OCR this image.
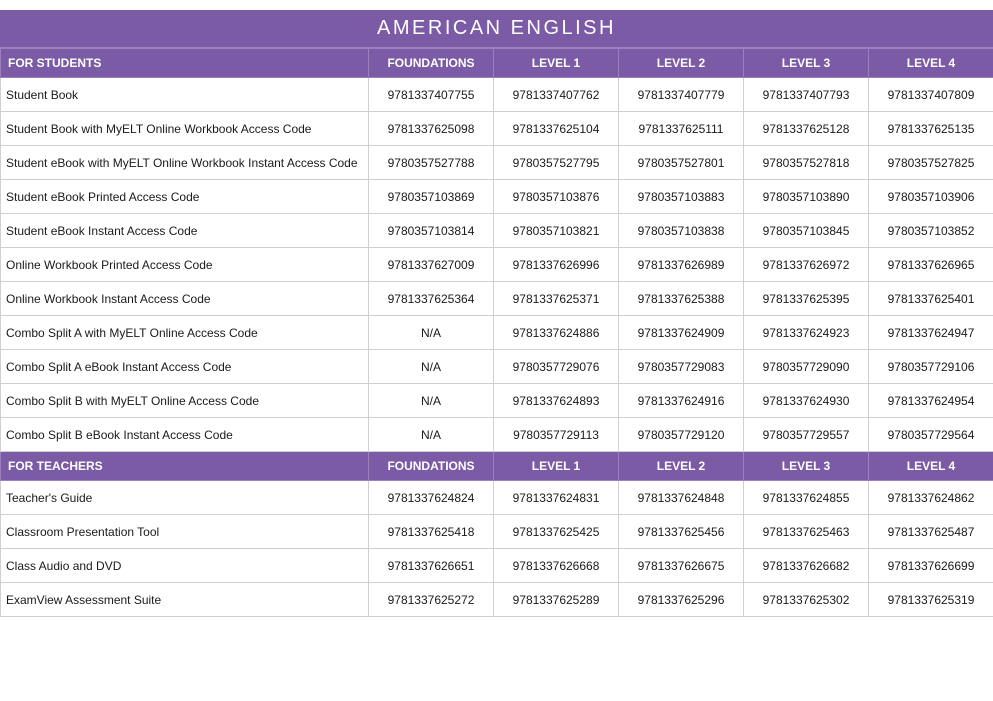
AMERICAN ENGLISH
FOR STUDENTS	FOUNDATIONS	LEVEL 1	LEVEL 2	LEVEL 3	LEVEL 4
Student Book	9781337407755	9781337407762	9781337407779	9781337407793	9781337407809
Student Book with MyELT Online Workbook Access Code	9781337625098	9781337625104	9781337625111	9781337625128	9781337625135
Student eBook with MyELT Online Workbook Instant Access Code	9780357527788	9780357527795	9780357527801	9780357527818	9780357527825
Student eBook Printed Access Code	9780357103869	9780357103876	9780357103883	9780357103890	9780357103906
Student eBook Instant Access Code	9780357103814	9780357103821	9780357103838	9780357103845	9780357103852
Online Workbook Printed Access Code	9781337627009	9781337626996	9781337626989	9781337626972	9781337626965
Online Workbook Instant Access Code	9781337625364	9781337625371	9781337625388	9781337625395	9781337625401
Combo Split A with MyELT Online Access Code	N/A	9781337624886	9781337624909	9781337624923	9781337624947
Combo Split A eBook Instant Access Code	N/A	9780357729076	9780357729083	9780357729090	9780357729106
Combo Split B with MyELT Online Access Code	N/A	9781337624893	9781337624916	9781337624930	9781337624954
Combo Split B eBook Instant Access Code	N/A	9780357729113	9780357729120	9780357729557	9780357729564
FOR TEACHERS	FOUNDATIONS	LEVEL 1	LEVEL 2	LEVEL 3	LEVEL 4
Teacher's Guide	9781337624824	9781337624831	9781337624848	9781337624855	9781337624862
Classroom Presentation Tool	9781337625418	9781337625425	9781337625456	9781337625463	9781337625487
Class Audio and DVD	9781337626651	9781337626668	9781337626675	9781337626682	9781337626699
ExamView Assessment Suite	9781337625272	9781337625289	9781337625296	9781337625302	9781337625319
